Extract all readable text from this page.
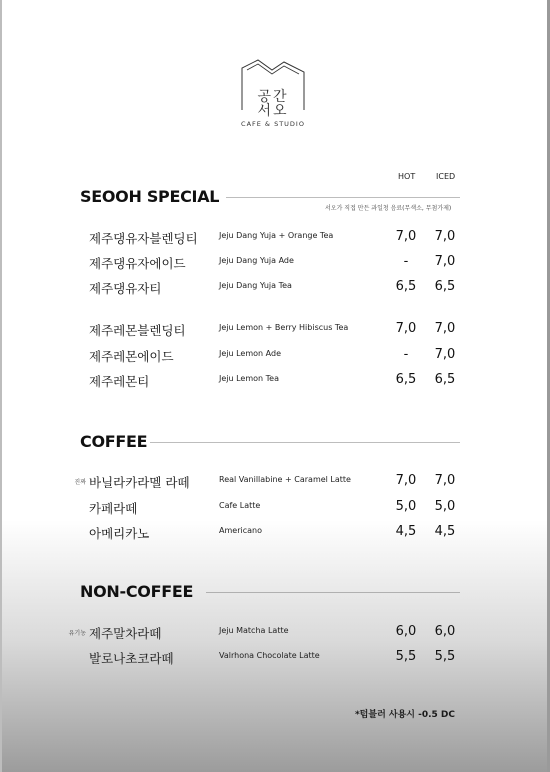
공간
서오
CAFE & STUDIO
HOT	ICED
SEOOH SPECIAL
서오가 직접 만든 과일청 음료(무색소, 무첨가제)
제주댕유자블렌딩티	Jeju Dang Yuja + Orange Tea	7,0	7,0
제주댕유자에이드	Jeju Dang Yuja Ade	-	7,0
제주댕유자티	Jeju Dang Yuja Tea	6,5	6,5
제주레몬블렌딩티	Jeju Lemon + Berry Hibiscus Tea	7,0	7,0
제주레몬에이드	Jeju Lemon Ade	-	7,0
제주레몬티	Jeju Lemon Tea	6,5	6,5
COFFEE
진짜 바닐라카라멜 라떼	Real Vanillabine + Caramel Latte	7,0	7,0
카페라떼	Cafe Latte	5,0	5,0
아메리카노	Americano	4,5	4,5
NON-COFFEE
유기농 제주말차라떼	Jeju Matcha Latte	6,0	6,0
발로나초코라떼	Valrhona Chocolate Latte	5,5	5,5
*텀블러 사용시 -0.5 DC
